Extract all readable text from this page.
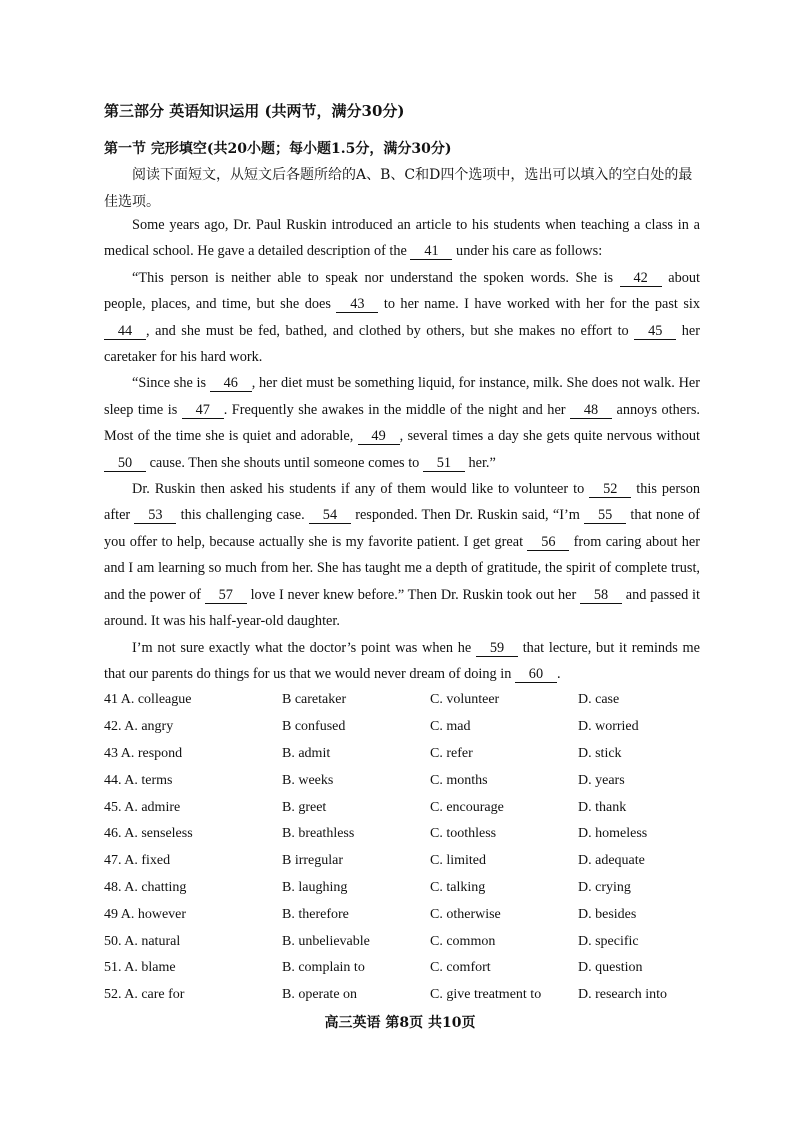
第三部分 英语知识运用 (共两节，满分30分)
第一节 完形填空(共20小题；每小题1.5分，满分30分)

阅读下面短文，从短文后各题所给的A、B、C和D四个选项中，选出可以填入的空白处的最佳选项。

Some years ago, Dr. Paul Ruskin introduced an article to his students when teaching a class in a medical school. He gave a detailed description of the 41 under his care as follows:

“This person is neither able to speak nor understand the spoken words. She is 42 about people, places, and time, but she does 43 to her name. I have worked with her for the past six 44 , and she must be fed, bathed, and clothed by others, but she makes no effort to 45 her caretaker for his hard work.

“Since she is 46 , her diet must be something liquid, for instance, milk. She does not walk. Her sleep time is 47 . Frequently she awakes in the middle of the night and her 48 annoys others. Most of the time she is quiet and adorable, 49 , several times a day she gets quite nervous without 50 cause. Then she shouts until someone comes to 51 her.”

Dr. Ruskin then asked his students if any of them would like to volunteer to 52 this person after 53 this challenging case. 54 responded. Then Dr. Ruskin said, “I’m 55 that none of you offer to help, because actually she is my favorite patient. I get great 56 from caring about her and I am learning so much from her. She has taught me a depth of gratitude, the spirit of complete trust, and the power of 57 love I never knew before.” Then Dr. Ruskin took out her 58 and passed it around. It was his half-year-old daughter.

I’m not sure exactly what the doctor’s point was when he 59 that lecture, but it reminds me that our parents do things for us that we would never dream of doing in 60 .

41 A. colleague	B caretaker	C. volunteer	D. case
42. A. angry	B confused	C. mad	D. worried
43 A. respond	B. admit	C. refer	D. stick
44. A. terms	B. weeks	C. months	D. years
45. A. admire	B. greet	C. encourage	D. thank
46. A. senseless	B. breathless	C. toothless	D. homeless
47. A. fixed	B irregular	C. limited	D. adequate
48. A. chatting	B. laughing	C. talking	D. crying
49 A. however	B. therefore	C. otherwise	D. besides
50. A. natural	B. unbelievable	C. common	D. specific
51. A. blame	B. complain to	C. comfort	D. question
52. A. care for	B. operate on	C. give treatment to	D. research into
高三英语 第8页 共10页
